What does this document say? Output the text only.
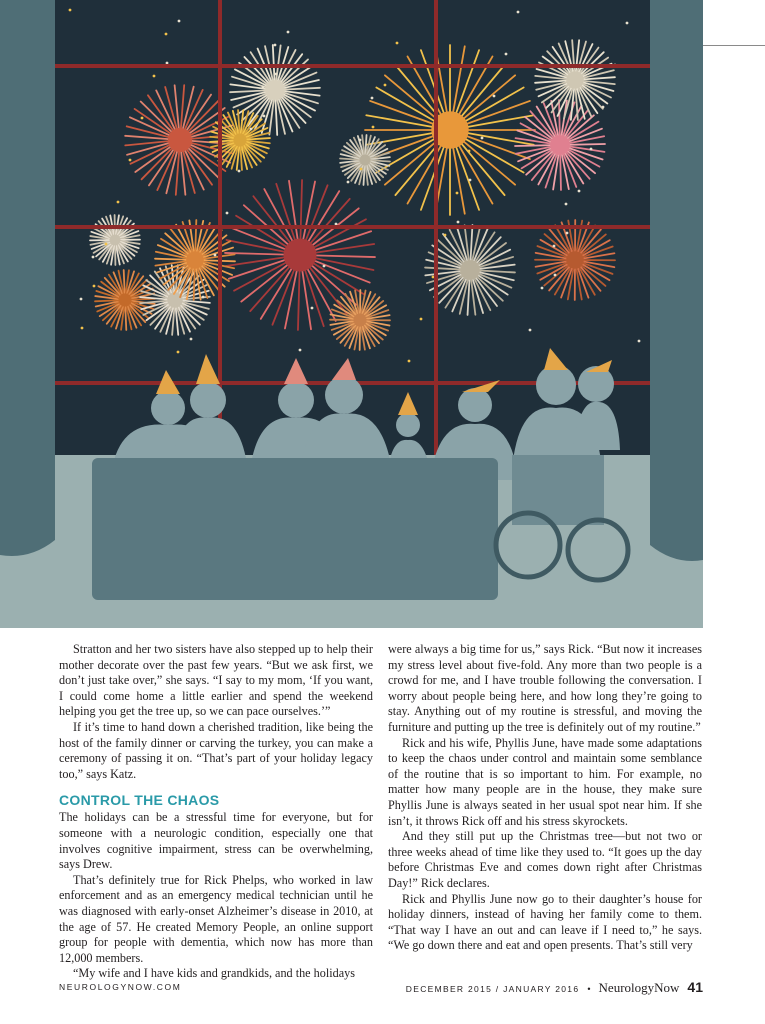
Stratton and her two sisters have also stepped up to help their mother decorate over the past few years. “But we ask first, we don’t just take over,” she says. “I say to my mom, ‘If you want, I could come home a little earlier and spend the weekend helping you get the tree up, so we can pace ourselves.’”

If it’s time to hand down a cherished tradition, like being the host of the family dinner or carving the turkey, you can make a ceremony of passing it on. “That’s part of your holiday legacy too,” says Katz.

CONTROL THE CHAOS

The holidays can be a stressful time for everyone, but for someone with a neurologic condition, especially one that involves cognitive impairment, stress can be overwhelming, says Drew.

That’s definitely true for Rick Phelps, who worked in law enforcement and as an emergency medical technician until he was diagnosed with early-onset Alzheimer’s disease in 2010, at the age of 57. He created Memory People, an online support group for people with dementia, which now has more than 12,000 members.

“My wife and I have kids and grandkids, and the holidays

were always a big time for us,” says Rick. “But now it increases my stress level about five-fold. Any more than two people is a crowd for me, and I have trouble following the conversation. I worry about people being here, and how long they’re going to stay. Anything out of my routine is stressful, and moving the furniture and putting up the tree is definitely out of my routine.”

Rick and his wife, Phyllis June, have made some adaptations to keep the chaos under control and maintain some semblance of the routine that is so important to him. For example, no matter how many people are in the house, they make sure Phyllis June is always seated in her usual spot near him. If she isn’t, it throws Rick off and his stress skyrockets.

And they still put up the Christmas tree—but not two or three weeks ahead of time like they used to. “It goes up the day before Christmas Eve and comes down right after Christmas Day!” Rick declares.

Rick and Phyllis June now go to their daughter’s house for holiday dinners, instead of having her family come to them. “That way I have an out and can leave if I need to,” he says. “We go down there and eat and open presents. That’s still very

NEUROLOGYNOW.COM	DECEMBER 2015 / JANUARY 2016 • NeurologyNow 41
